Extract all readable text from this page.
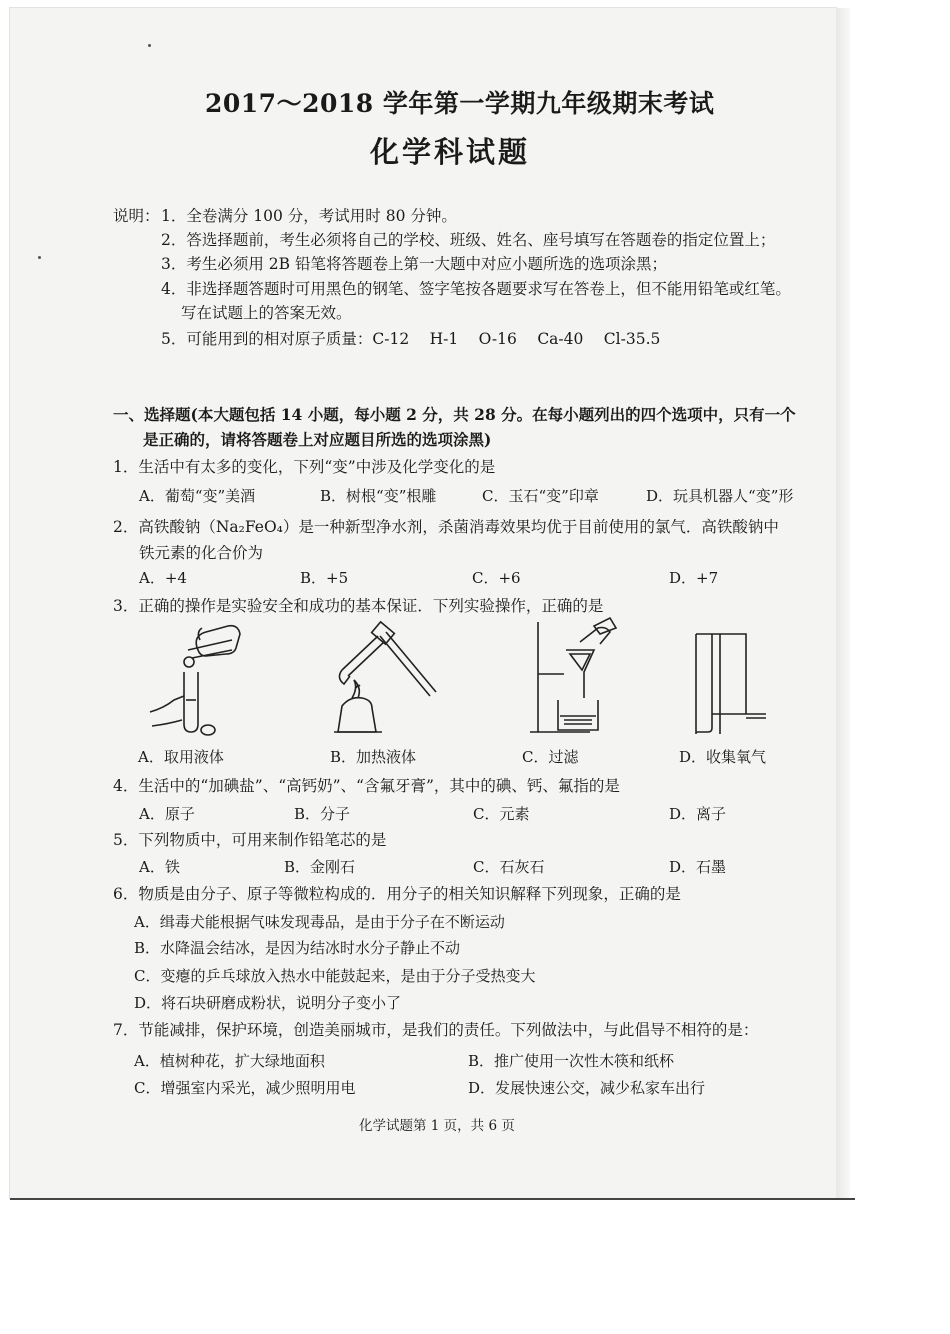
2017～2018 学年第一学期九年级期末考试
化学科试题
说明： 1．全卷满分 100 分，考试用时 80 分钟。
2．答选择题前，考生必须将自己的学校、班级、姓名、座号填写在答题卷的指定位置上；
3．考生必须用 2B 铅笔将答题卷上第一大题中对应小题所选的选项涂黑；
4．非选择题答题时可用黑色的钢笔、签字笔按各题要求写在答卷上，但不能用铅笔或红笔。
写在试题上的答案无效。
5．可能用到的相对原子质量：C-12　 H-1　 O-16　 Ca-40　 Cl-35.5
一、选择题(本大题包括 14 小题，每小题 2 分，共 28 分。在每小题列出的四个选项中，只有一个
是正确的，请将答题卷上对应题目所选的选项涂黑)
1．生活中有太多的变化，下列“变”中涉及化学变化的是
A．葡萄“变”美酒	B．树根“变”根雕	C．玉石“变”印章	D．玩具机器人“变”形
2．高铁酸钠（Na₂FeO₄）是一种新型净水剂，杀菌消毒效果均优于目前使用的氯气．高铁酸钠中
铁元素的化合价为
A．+4	B．+5	C．+6	D．+7
3．正确的操作是实验安全和成功的基本保证．下列实验操作，正确的是
A．取用液体	B．加热液体	C．过滤	D．收集氧气
4．生活中的“加碘盐”、“高钙奶”、“含氟牙膏”，其中的碘、钙、氟指的是
A．原子	B．分子	C．元素	D．离子
5．下列物质中，可用来制作铅笔芯的是
A．铁	B．金刚石	C．石灰石	D．石墨
6．物质是由分子、原子等微粒构成的．用分子的相关知识解释下列现象，正确的是
A．缉毒犬能根据气味发现毒品，是由于分子在不断运动
B．水降温会结冰，是因为结冰时水分子静止不动
C．变瘪的乒乓球放入热水中能鼓起来，是由于分子受热变大
D．将石块研磨成粉状，说明分子变小了
7．节能减排，保护环境，创造美丽城市，是我们的责任。下列做法中，与此倡导不相符的是：
A．植树种花，扩大绿地面积	B．推广使用一次性木筷和纸杯
C．增强室内采光，减少照明用电	D．发展快速公交，减少私家车出行
化学试题第 1 页，共 6 页
